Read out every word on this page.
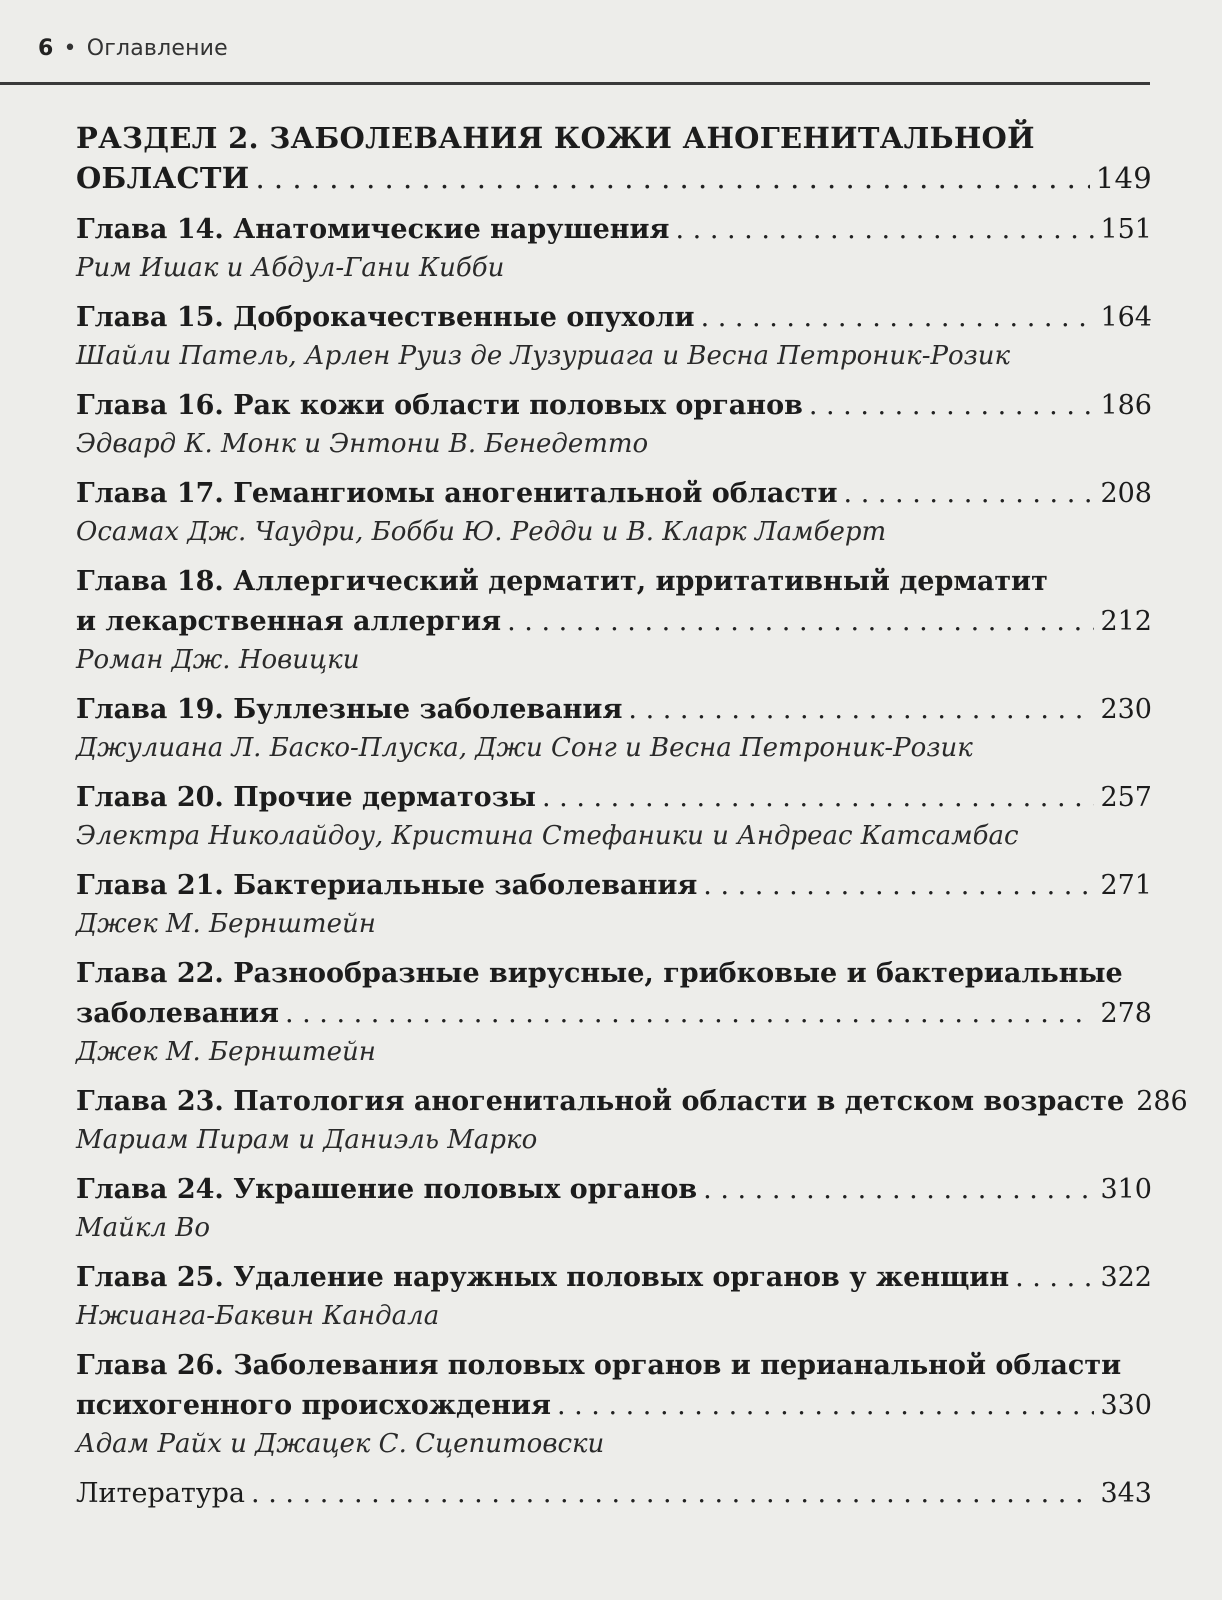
6 • Оглавление
РАЗДЕЛ 2. ЗАБОЛЕВАНИЯ КОЖИ АНОГЕНИТАЛЬНОЙ
ОБЛАСТИ . . .	149
Глава 14. Анатомические нарушения . . .	151
Рим Ишак и Абдул-Гани Кибби
Глава 15. Доброкачественные опухоли . . .	164
Шайли Патель, Арлен Руиз де Лузуриага и Весна Петроник-Розик
Глава 16. Рак кожи области половых органов . . .	186
Эдвард К. Монк и Энтони В. Бенедетто
Глава 17. Гемангиомы аногенитальной области . . .	208
Осамах Дж. Чаудри, Бобби Ю. Редди и В. Кларк Ламберт
Глава 18. Аллергический дерматит, ирритативный дерматит
и лекарственная аллергия . . .	212
Роман Дж. Новицки
Глава 19. Буллезные заболевания . . .	230
Джулиана Л. Баско-Плуска, Джи Сонг и Весна Петроник-Розик
Глава 20. Прочие дерматозы . . .	257
Электра Николайдоу, Кристина Стефаники и Андреас Катсамбас
Глава 21. Бактериальные заболевания . . .	271
Джек М. Бернштейн
Глава 22. Разнообразные вирусные, грибковые и бактериальные
заболевания . . .	278
Джек М. Бернштейн
Глава 23. Патология аногенитальной области в детском возрасте 286
Мариам Пирам и Даниэль Марко
Глава 24. Украшение половых органов . . .	310
Майкл Во
Глава 25. Удаление наружных половых органов у женщин . . .	322
Нжианга-Баквин Кандала
Глава 26. Заболевания половых органов и перианальной области
психогенного происхождения . . .	330
Адам Райх и Джацек С. Сцепитовски
Литература . . .	343
